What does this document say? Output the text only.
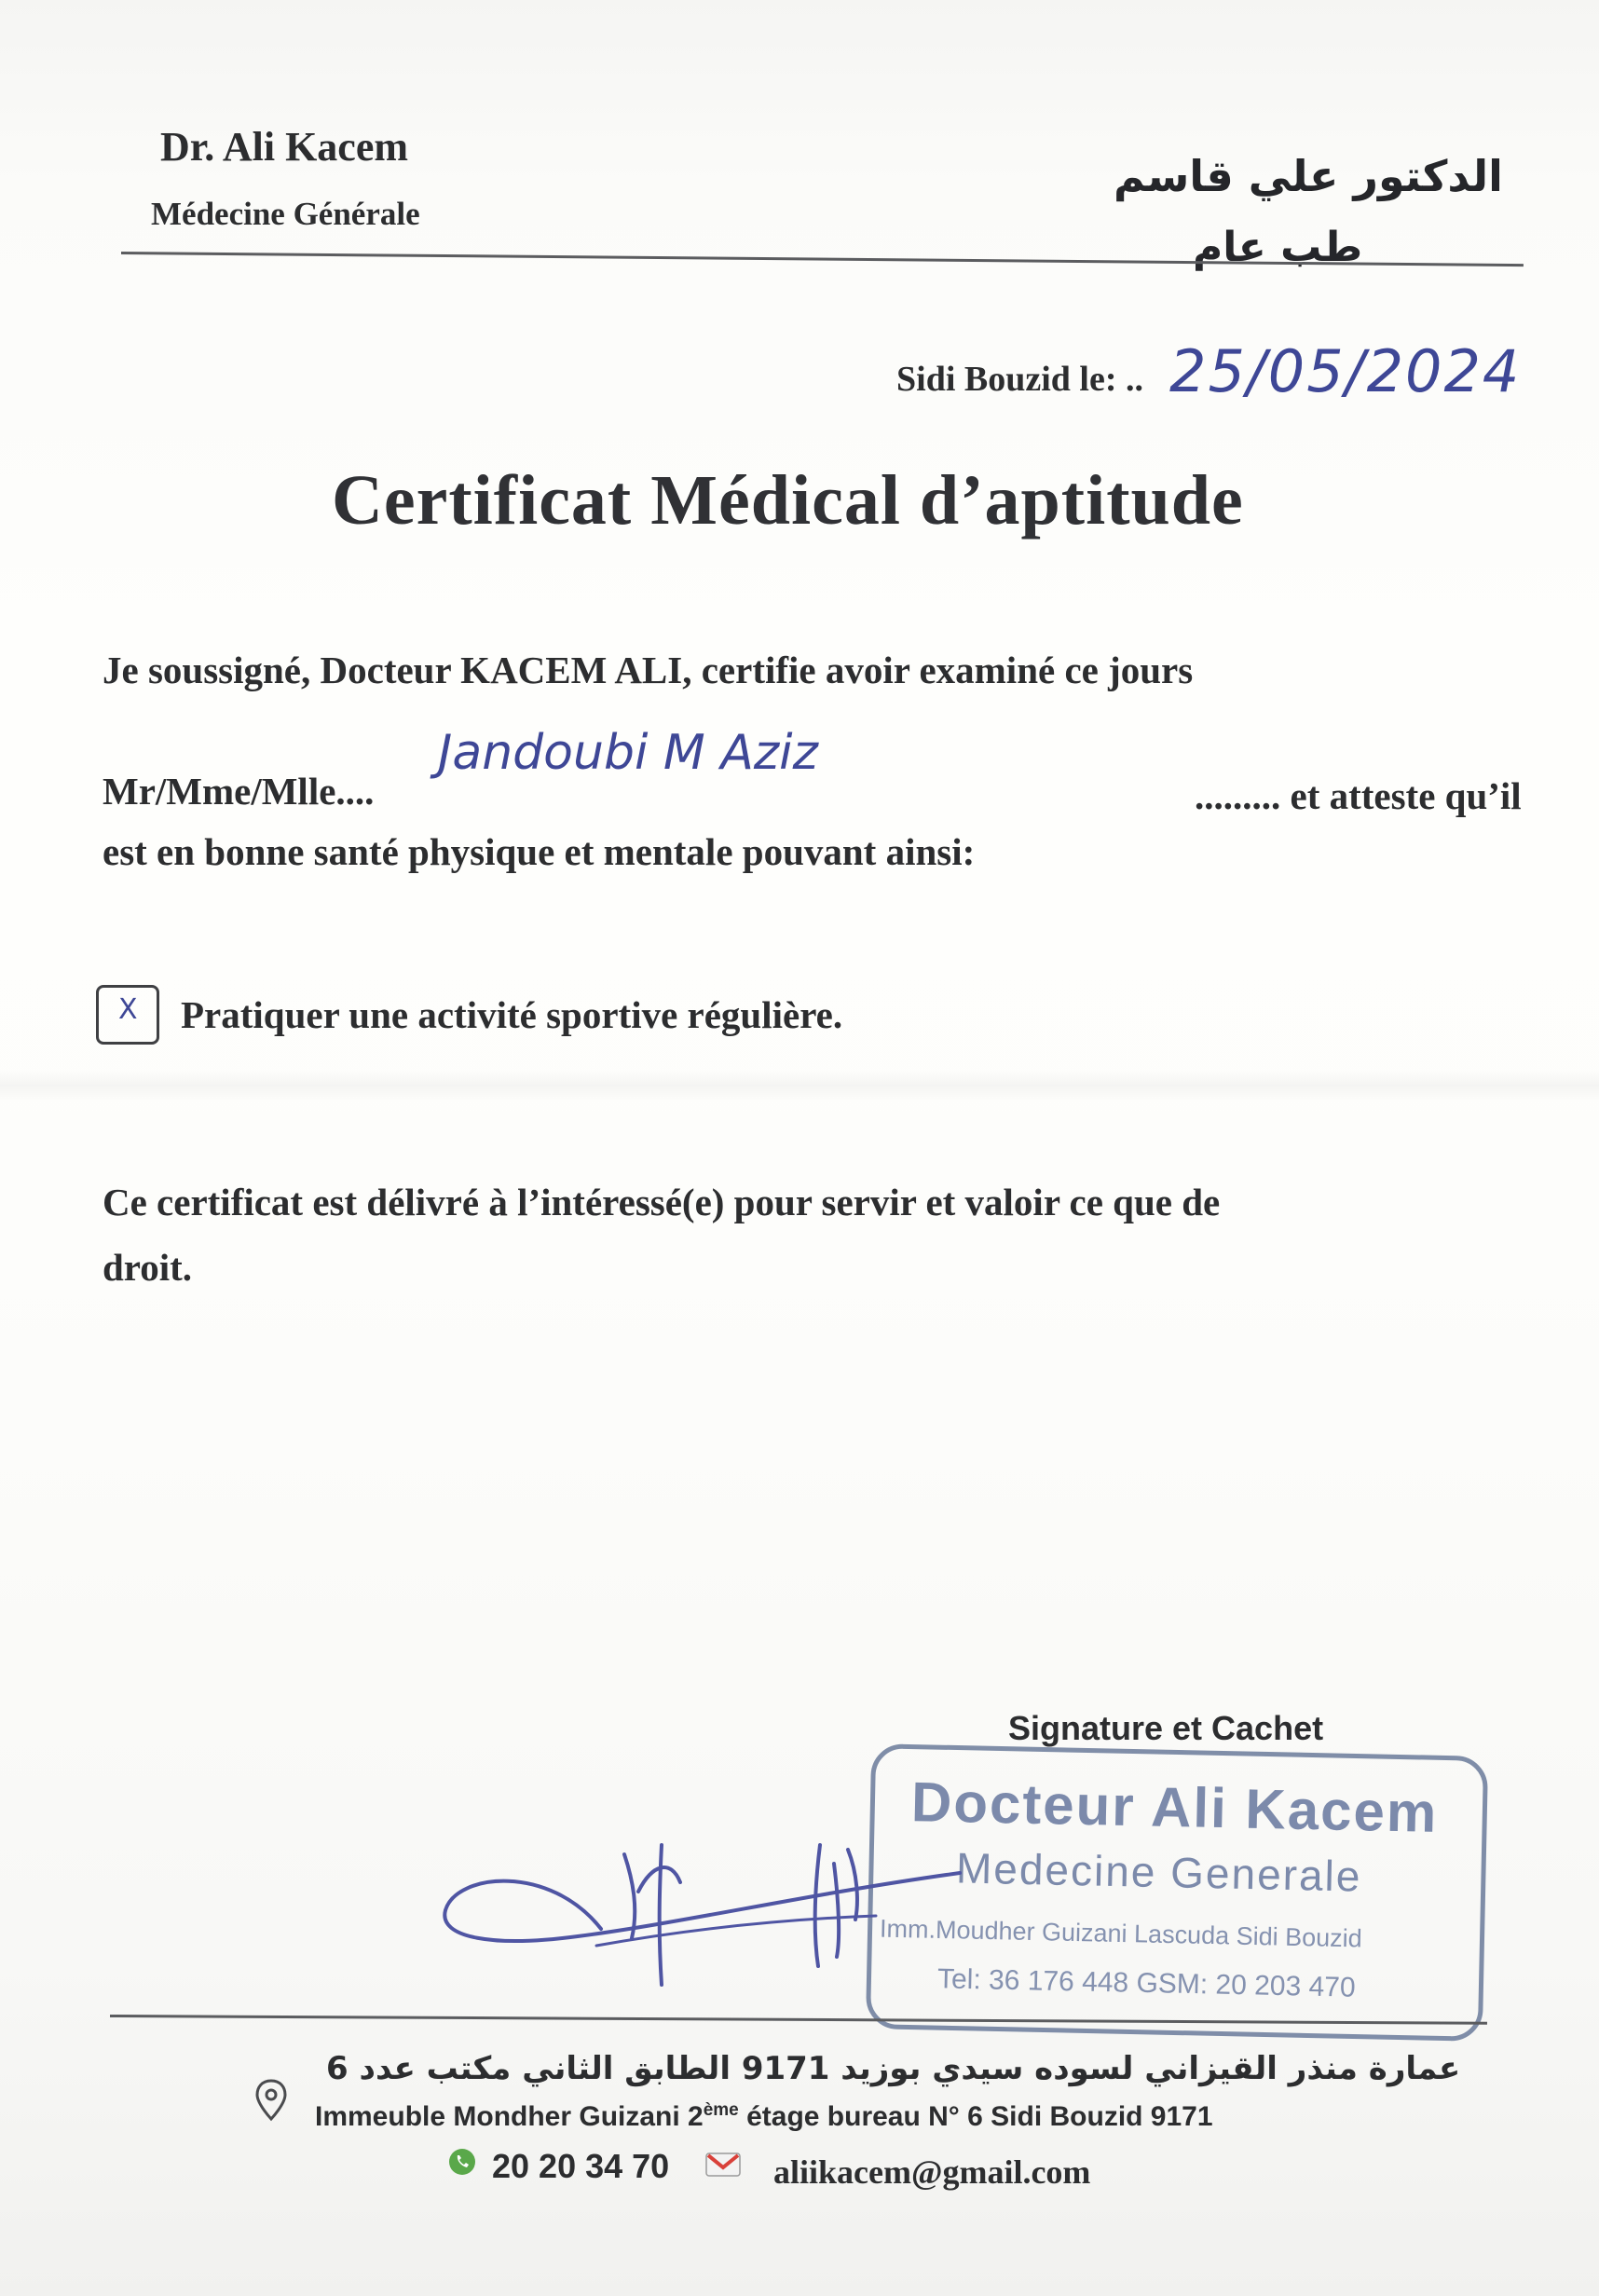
Dr. Ali Kacem
Médecine Générale
الدكتور علي قاسم
طب عام
Sidi Bouzid le: .. 25/05/2024
Certificat Médical d’aptitude
Je soussigné, Docteur KACEM ALI, certifie avoir examiné ce jours
Mr/Mme/Mlle....
Jandoubi M Aziz
......... et atteste qu’il
est en bonne santé physique et mentale pouvant ainsi:
X Pratiquer une activité sportive régulière.
Ce certificat est délivré à l’intéressé(e) pour servir et valoir ce que de
droit.
Signature et Cachet
Docteur Ali Kacem
Medecine Generale
Imm.Moudher Guizani Lascuda Sidi Bouzid
Tel: 36 176 448 GSM: 20 203 470
عمارة منذر القيزاني لسوده سيدي بوزيد 9171 الطابق الثاني مكتب عدد 6
Immeuble Mondher Guizani 2ème étage bureau N° 6 Sidi Bouzid 9171
20 20 34 70	aliikacem@gmail.com
